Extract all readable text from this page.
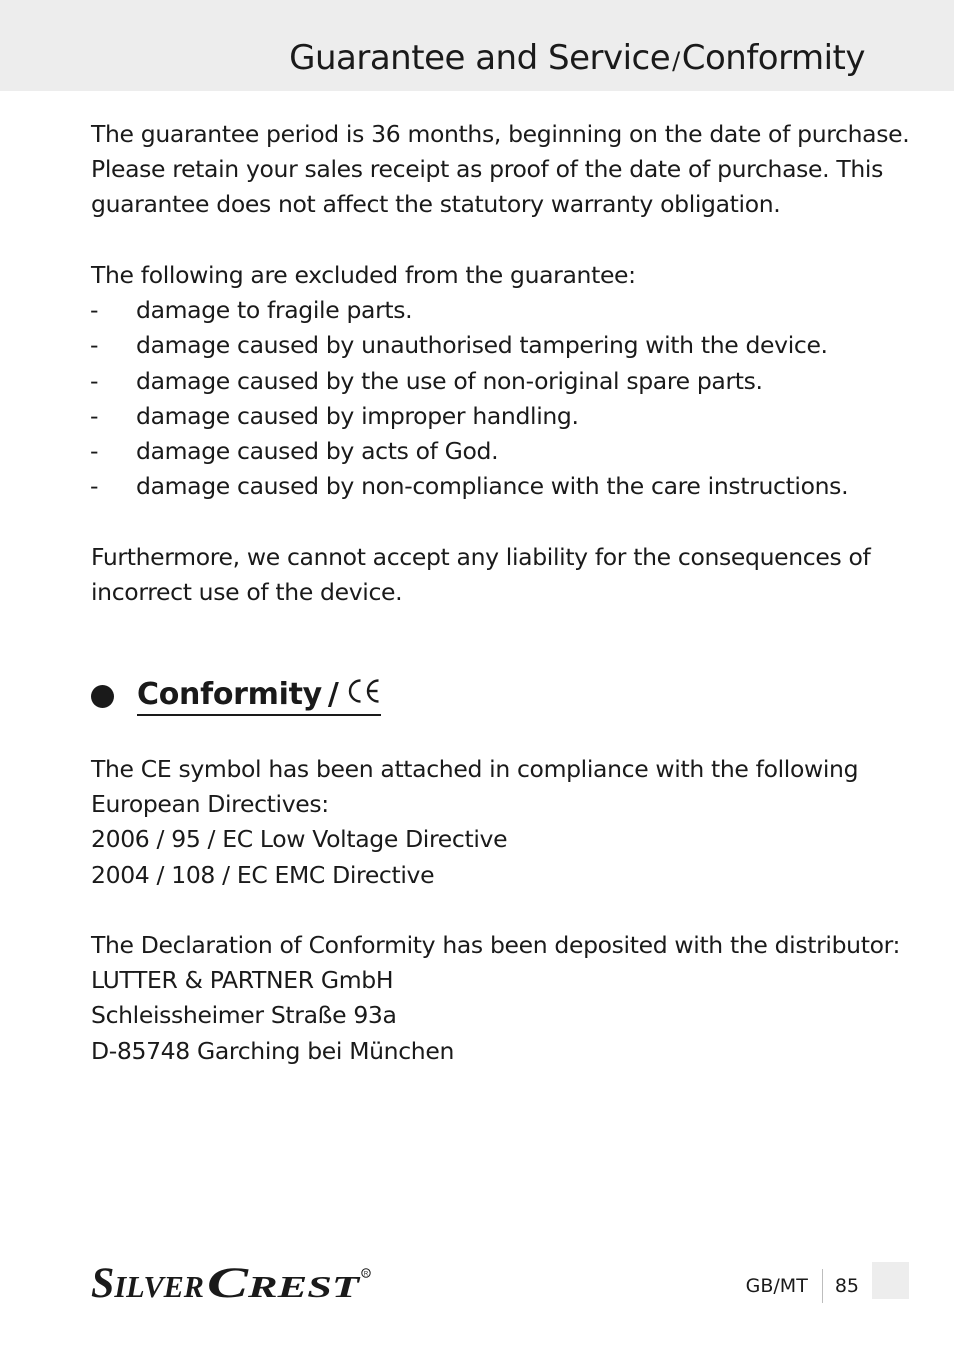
Guarantee and Service/Conformity

The guarantee period is 36 months, beginning on the date of purchase.

Please retain your sales receipt as proof of the date of purchase. This

guarantee does not affect the statutory warranty obligation.

The following are excluded from the guarantee:

- damage to fragile parts.
- damage caused by unauthorised tampering with the device.
- damage caused by the use of non-original spare parts.
- damage caused by improper handling.
- damage caused by acts of God.
- damage caused by non-compliance with the care instructions.

Furthermore, we cannot accept any liability for the consequences of

incorrect use of the device.

Conformity /

The CE symbol has been attached in compliance with the following

European Directives:

2006 / 95 / EC Low Voltage Directive

2004 / 108 / EC EMC Directive

The Declaration of Conformity has been deposited with the distributor:

LUTTER & PARTNER GmbH

Schleissheimer Straße 93a

D-85748 Garching bei München

SILVER C REST	R
GB/MT	85
